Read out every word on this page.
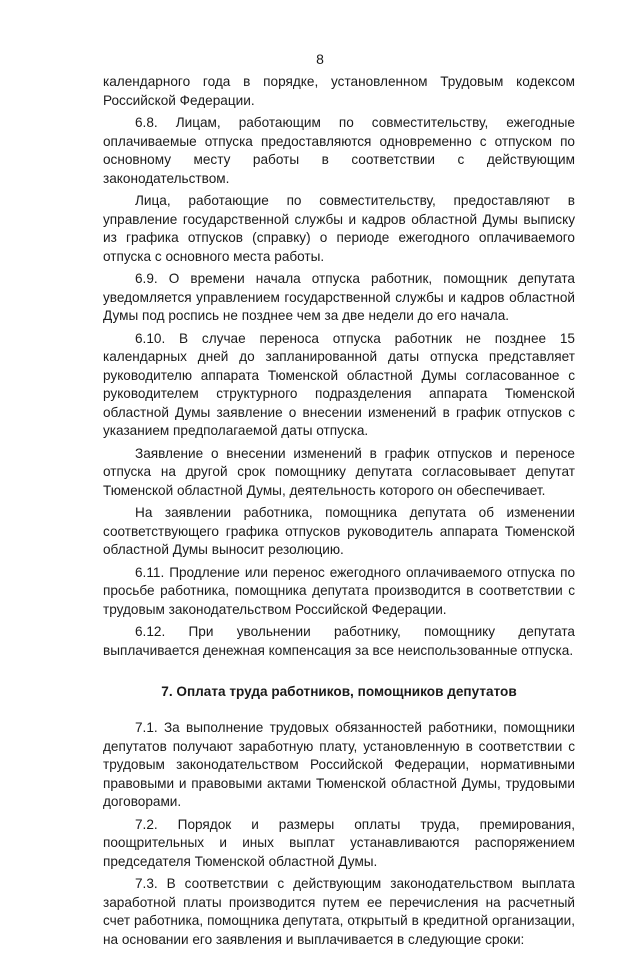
8

календарного года в порядке, установленном Трудовым кодексом Российской Федерации.

6.8. Лицам, работающим по совместительству, ежегодные оплачиваемые отпуска предоставляются одновременно с отпуском по основному месту работы в соответствии с действующим законодательством.

Лица, работающие по совместительству, предоставляют в управление государственной службы и кадров областной Думы выписку из графика отпусков (справку) о периоде ежегодного оплачиваемого отпуска с основного места работы.

6.9. О времени начала отпуска работник, помощник депутата уведомляется управлением государственной службы и кадров областной Думы под роспись не позднее чем за две недели до его начала.

6.10. В случае переноса отпуска работник не позднее 15 календарных дней до запланированной даты отпуска представляет руководителю аппарата Тюменской областной Думы согласованное с руководителем структурного подразделения аппарата Тюменской областной Думы заявление о внесении изменений в график отпусков с указанием предполагаемой даты отпуска.

Заявление о внесении изменений в график отпусков и переносе отпуска на другой срок помощнику депутата согласовывает депутат Тюменской областной Думы, деятельность которого он обеспечивает.

На заявлении работника, помощника депутата об изменении соответствующего графика отпусков руководитель аппарата Тюменской областной Думы выносит резолюцию.

6.11. Продление или перенос ежегодного оплачиваемого отпуска по просьбе работника, помощника депутата производится в соответствии с трудовым законодательством Российской Федерации.

6.12. При увольнении работнику, помощнику депутата выплачивается денежная компенсация за все неиспользованные отпуска.

7. Оплата труда работников, помощников депутатов

7.1. За выполнение трудовых обязанностей работники, помощники депутатов получают заработную плату, установленную в соответствии с трудовым законодательством Российской Федерации, нормативными правовыми и правовыми актами Тюменской областной Думы, трудовыми договорами.

7.2. Порядок и размеры оплаты труда, премирования, поощрительных и иных выплат устанавливаются распоряжением председателя Тюменской областной Думы.

7.3. В соответствии с действующим законодательством выплата заработной платы производится путем ее перечисления на расчетный счет работника, помощника депутата, открытый в кредитной организации, на основании его заявления и выплачивается в следующие сроки:
